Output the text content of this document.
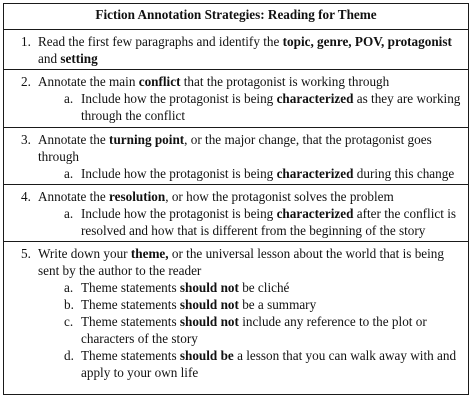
Fiction Annotation Strategies: Reading for Theme

1. Read the first few paragraphs and identify the topic, genre, POV, protagonist and setting

2. Annotate the main conflict that the protagonist is working through
a. Include how the protagonist is being characterized as they are working through the conflict

3. Annotate the turning point, or the major change, that the protagonist goes through
a. Include how the protagonist is being characterized during this change

4. Annotate the resolution, or how the protagonist solves the problem
a. Include how the protagonist is being characterized after the conflict is resolved and how that is different from the beginning of the story

5. Write down your theme, or the universal lesson about the world that is being sent by the author to the reader
a. Theme statements should not be cliché
b. Theme statements should not be a summary
c. Theme statements should not include any reference to the plot or characters of the story
d. Theme statements should be a lesson that you can walk away with and apply to your own life
